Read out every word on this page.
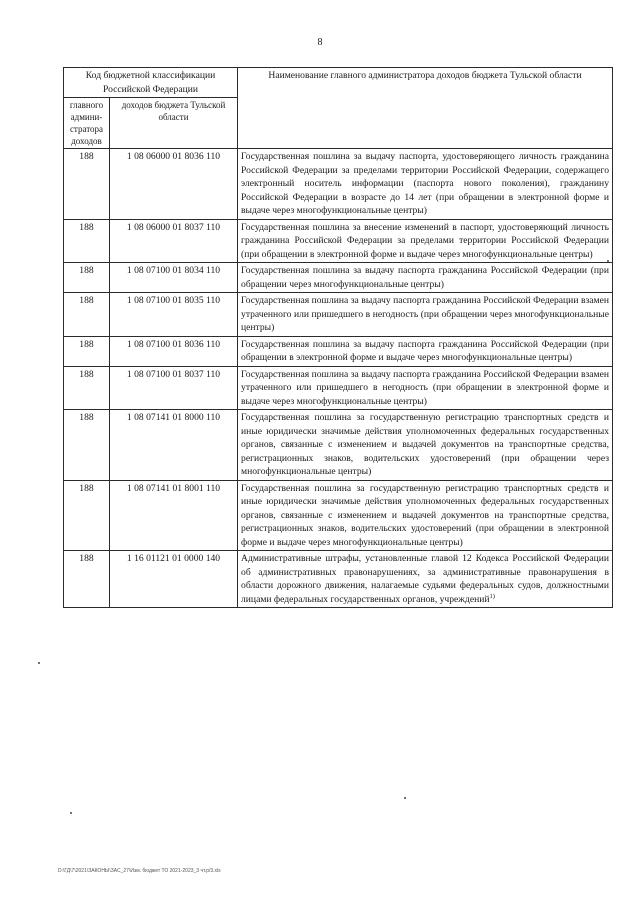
8
Код бюджетной классификации Российской Федерации		Наименование главного администратора доходов бюджета Тульской области
главного админи-стратора доходов	доходов бюджета Тульской области	
188	1 08 06000 01 8036 110	Государственная пошлина за выдачу паспорта, удостоверяющего личность гражданина Российской Федерации за пределами территории Российской Федерации, содержащего электронный носитель информации (паспорта нового поколения), гражданину Российской Федерации в возрасте до 14 лет (при обращении в электронной форме и выдаче через многофункциональные центры)
188	1 08 06000 01 8037 110	Государственная пошлина за внесение изменений в паспорт, удостоверяющий личность гражданина Российской Федерации за пределами территории Российской Федерации (при обращении в электронной форме и выдаче через многофункциональные центры)
188	1 08 07100 01 8034 110	Государственная пошлина за выдачу паспорта гражданина Российской Федерации (при обращении через многофункциональные центры)
188	1 08 07100 01 8035 110	Государственная пошлина за выдачу паспорта гражданина Российской Федерации взамен утраченного или пришедшего в негодность (при обращении через многофункциональные центры)
188	1 08 07100 01 8036 110	Государственная пошлина за выдачу паспорта гражданина Российской Федерации (при обращении в электронной форме и выдаче через многофункциональные центры)
188	1 08 07100 01 8037 110	Государственная пошлина за выдачу паспорта гражданина Российской Федерации взамен утраченного или пришедшего в негодность (при обращении в электронной форме и выдаче через многофункциональные центры)
188	1 08 07141 01 8000 110	Государственная пошлина за государственную регистрацию транспортных средств и иные юридически значимые действия уполномоченных федеральных государственных органов, связанные с изменением и выдачей документов на транспортные средства, регистрационных знаков, водительских удостоверений (при обращении через многофункциональные центры)
188	1 08 07141 01 8001 110	Государственная пошлина за государственную регистрацию транспортных средств и иные юридически значимые действия уполномоченных федеральных государственных органов, связанные с изменением и выдачей документов на транспортные средства, регистрационных знаков, водительских удостоверений (при обращении в электронной форме и выдаче через многофункциональные центры)
188	1 16 01121 01 0000 140	Административные штрафы, установленные главой 12 Кодекса Российской Федерации об административных правонарушениях, за административные правонарушения в области дорожного движения, налагаемые судьями федеральных судов, должностными лицами федеральных государственных органов, учреждений$^{1)}$
D:\ГД\7\2021\ЗАКОНЫ\ЗАС_27\Изм. бюджет ТО 2021-2023_3 чт.р/3.xls
